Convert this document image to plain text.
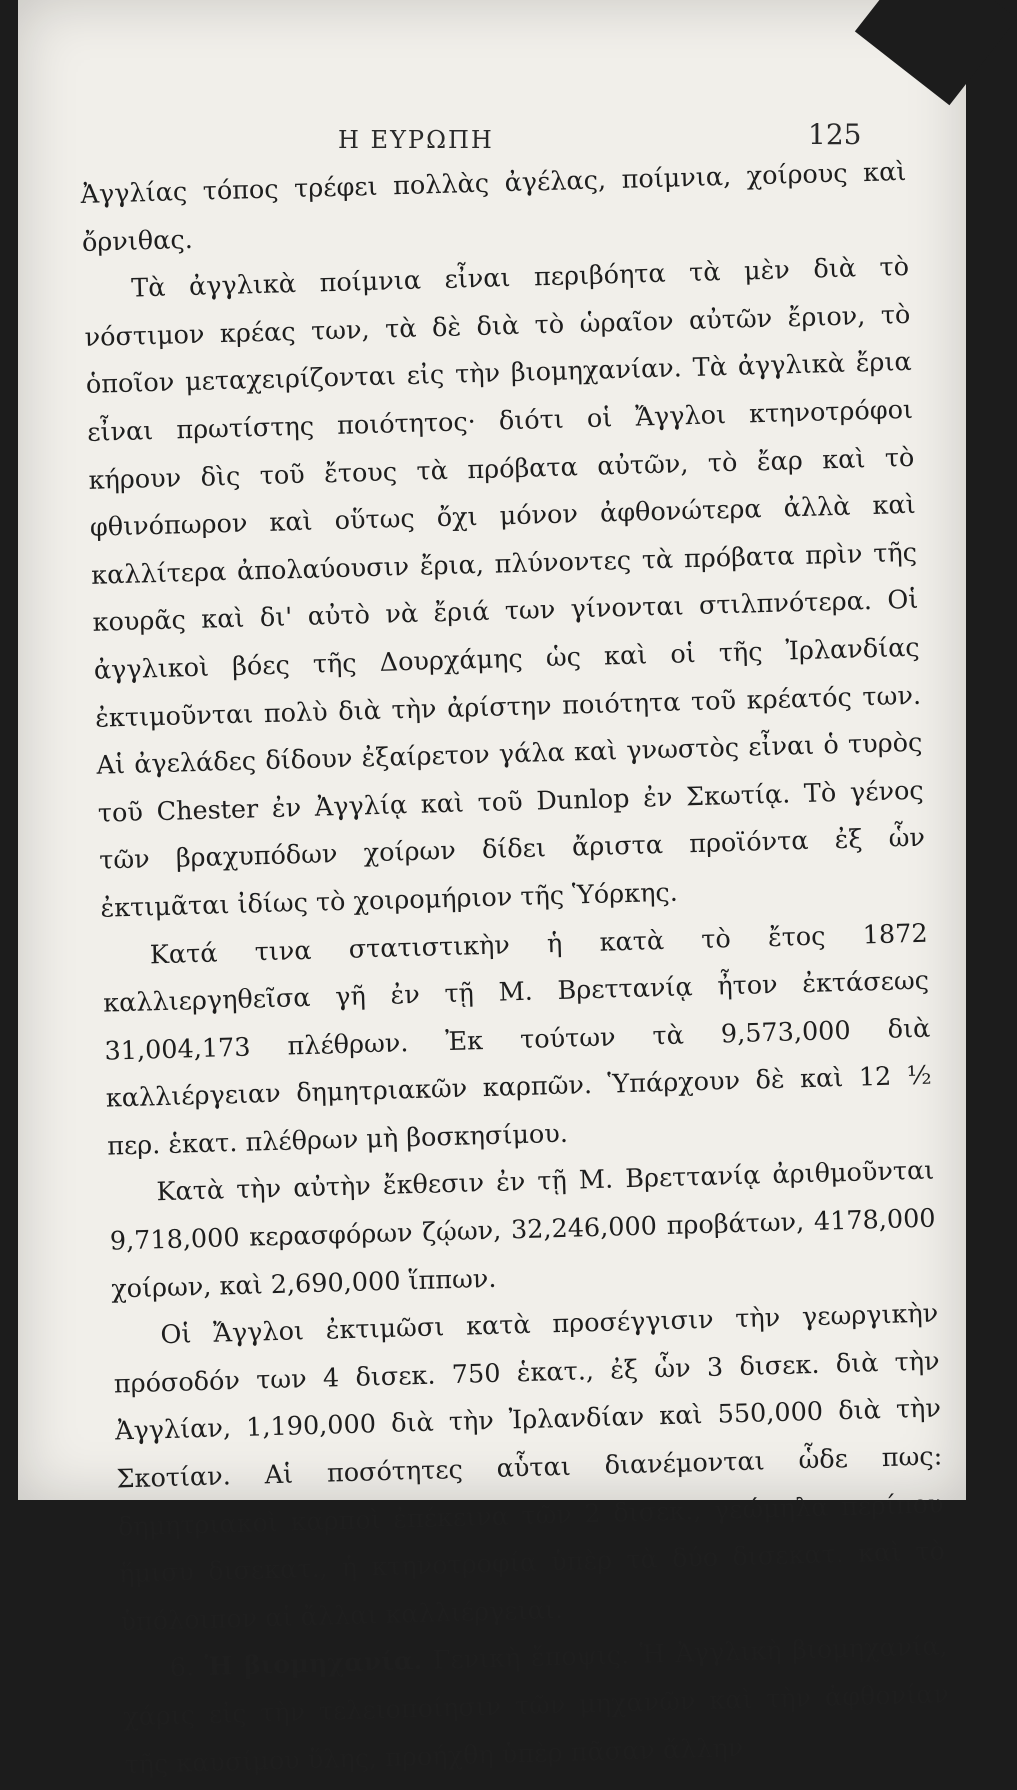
Η ΕΥΡΩΠΗ	125

Ἀγγλίας τόπος τρέφει πολλὰς ἀγέλας, ποίμνια, χοίρους καὶ ὄρνιθας.

Τὰ ἀγγλικὰ ποίμνια εἶναι περιβόητα τὰ μὲν διὰ τὸ νόστιμον κρέας των, τὰ δὲ διὰ τὸ ὡραῖον αὐτῶν ἔριον, τὸ ὁποῖον μεταχειρίζονται εἰς τὴν βιομηχανίαν. Τὰ ἀγγλικὰ ἔρια εἶναι πρωτίστης ποιότητος· διότι οἱ Ἄγγλοι κτηνοτρόφοι κήρουν δὶς τοῦ ἔτους τὰ πρόβατα αὐτῶν, τὸ ἔαρ καὶ τὸ φθινόπωρον καὶ οὕτως ὄχι μόνον ἀφθονώτερα ἀλλὰ καὶ καλλίτερα ἀπολαύουσιν ἔρια, πλύνοντες τὰ πρόβατα πρὶν τῆς κουρᾶς καὶ δι' αὐτὸ νὰ ἔριά των γίνονται στιλπνότερα. Οἱ ἀγγλικοὶ βόες τῆς Δουρχάμης ὡς καὶ οἱ τῆς Ἰρλανδίας ἐκτιμοῦνται πολὺ διὰ τὴν ἀρίστην ποιότητα τοῦ κρέατός των. Αἱ ἀγελάδες δίδουν ἐξαίρετον γάλα καὶ γνωστὸς εἶναι ὁ τυρὸς τοῦ Chester ἐν Ἀγγλίᾳ καὶ τοῦ Dunlop ἐν Σκωτίᾳ. Τὸ γένος τῶν βραχυπόδων χοίρων δίδει ἄριστα προϊόντα ἐξ ὧν ἐκτιμᾶται ἰδίως τὸ χοιρομήριον τῆς Ὑόρκης.

Κατά τινα στατιστικὴν ἡ κατὰ τὸ ἔτος 1872 καλλιεργηθεῖσα γῆ ἐν τῇ Μ. Βρεττανίᾳ ἦτον ἐκτάσεως 31,004,173 πλέθρων. Ἐκ τούτων τὰ 9,573,000 διὰ καλλιέργειαν δημητριακῶν καρπῶν. Ὑπάρχουν δὲ καὶ 12 ½ περ. ἑκατ. πλέθρων μὴ βοσκησίμου.

Κατὰ τὴν αὐτὴν ἔκθεσιν ἐν τῇ Μ. Βρεττανίᾳ ἀριθμοῦνται 9,718,000 κερασφόρων ζῴων, 32,246,000 προβάτων, 4178,000 χοίρων, καὶ 2,690,000 ἵππων.

Οἱ Ἄγγλοι ἐκτιμῶσι κατὰ προσέγγισιν τὴν γεωργικὴν πρόσοδόν των 4 δισεκ. 750 ἑκατ., ἐξ ὧν 3 δισεκ. διὰ τὴν Ἀγγλίαν, 1,190,000 διὰ τὴν Ἰρλανδίαν καὶ 550,000 διὰ τὴν Σκοτίαν. Αἱ ποσότητες αὗται διανέμονται ὧδε πως: δημητριακοὶ καρποὶ ἐπέκεινα τῶν 2 δισεκ., γεώμηλα περίπου ἥμισυ δισεκατ., ἡ κτηνοτροφία ὑπὲρ τὰ δύο δισεκατ. καὶ τὸ ὑπόλοιπον αἱ ἄλλαι καλλιέργειαι.

6. Ἡ βιομηχανία. Γενικὴ ἔποψις. Ἡ Ἀγγλικὴ βιομηχανία, χάρις εἰς τὴν τελειοποίησιν τῶν μηχανῶν καὶ τὴν ἀφθονίαν τῆς καυσίμου ὕλης, προήχθη ὑπὲρ πᾶσαν ἄλλην
